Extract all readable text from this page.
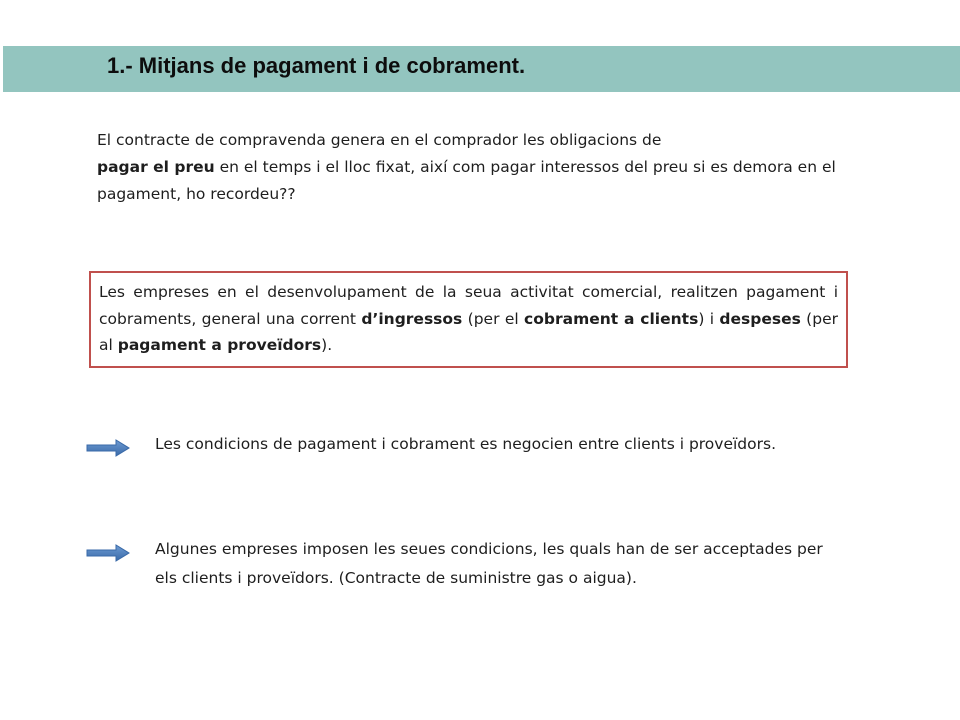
1.- Mitjans de pagament i de cobrament.
El contracte de compravenda genera en el comprador les obligacions de
pagar el preu en el temps i el lloc fixat, així com pagar interessos del preu si es demora en el pagament, ho recordeu??
Les empreses en el desenvolupament de la seua activitat comercial, realitzen pagament i cobraments, general una corrent d’ingressos (per el cobrament a clients) i despeses (per al pagament a proveïdors).
Les condicions de pagament i cobrament es negocien entre clients i proveïdors.
Algunes empreses imposen les seues condicions, les quals han de ser acceptades per els clients i proveïdors. (Contracte de suministre gas o aigua).
